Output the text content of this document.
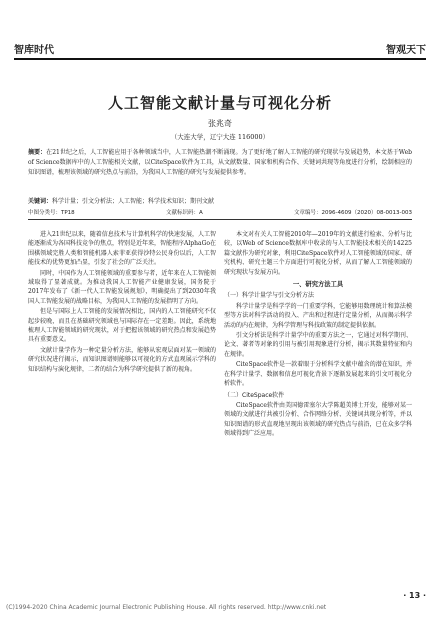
智库时代	智观天下
人工智能文献计量与可视化分析
张兆奇
（大连大学，辽宁大连 116000）
摘要：在21世纪之后，人工智能应用于各种领域当中，人工智能热潮不断涌现。为了更好地了解人工智能的研究现状与发展趋势，本文基于Web of Science数据库中的人工智能相关文献，以CiteSpace软件为工具，从文献数量、国家和机构合作、关键词共现等角度进行分析，绘制相应的知识图谱，梳理该领域的研究热点与前沿，为我国人工智能的研究与发展提供参考。
关键词：科学计量；引文分析法；人工智能；科学技术知识；期刊文献
中图分类号：TP18	文献标识码：A	文章编号：2096-4609（2020）08-0013-003

进入21世纪以来，随着信息技术与计算机科学的快速发展，人工智能逐渐成为各国科技竞争的焦点，特别是近年来，智能程序AlphaGo在围棋领域完胜人类和智能机器人索菲亚获得沙特公民身份以后，人工智能技术的优势更加凸显，引发了社会的广泛关注。

同时，中国作为人工智能领域的重要参与者，近年来在人工智能领域取得了显著成就。为推动我国人工智能产业健康发展，国务院于2017年发布了《新一代人工智能发展规划》，明确提出了到2030年我国人工智能发展的战略目标，为我国人工智能的发展指明了方向。

但是与国际上人工智能的发展情况相比，国内的人工智能研究不仅起步较晚，而且在基础研究领域也与国际存在一定差距。因此，系统地梳理人工智能领域的研究现状，对于把握该领域的研究热点和发展趋势具有重要意义。

文献计量学作为一种定量分析方法，能够从宏观层面对某一领域的研究状况进行揭示，而知识图谱则能够以可视化的方式直观展示学科的知识结构与演化规律，二者的结合为科学研究提供了新的视角。

本文对有关人工智能2010年—2019年的文献进行检索、分析与比较，以Web of Science数据库中收录的与人工智能技术相关的14225篇文献作为研究对象，利用CiteSpace软件对人工智能领域的国家、研究机构、研究主题三个方面进行可视化分析，从而了解人工智能领域的研究现状与发展方向。

一、研究方法工具
（一）科学计量学与引文分析方法

科学计量学是科学学的一门重要学科，它能够用数理统计和算法模型等方法对科学活动的投入、产出和过程进行定量分析，从而揭示科学活动的内在规律，为科学管理与科技政策的制定提供依据。

引文分析法是科学计量学中的重要方法之一，它通过对科学期刊、论文、著者等对象的引用与被引用现象进行分析，揭示其数量特征和内在规律。

CiteSpace软件是一款着眼于分析科学文献中蕴含的潜在知识，并在科学计量学、数据和信息可视化背景下逐渐发展起来的引文可视化分析软件。

（二）CiteSpace软件

CiteSpace软件由美国德雷塞尔大学陈超美博士开发，能够对某一领域的文献进行共被引分析、合作网络分析、关键词共现分析等，并以知识图谱的形式直观地呈现出该领域的研究热点与前沿，已在众多学科领域得到广泛应用。

· 13 ·
(C)1994-2020 China Academic Journal Electronic Publishing House. All rights reserved. http://www.cnki.net
